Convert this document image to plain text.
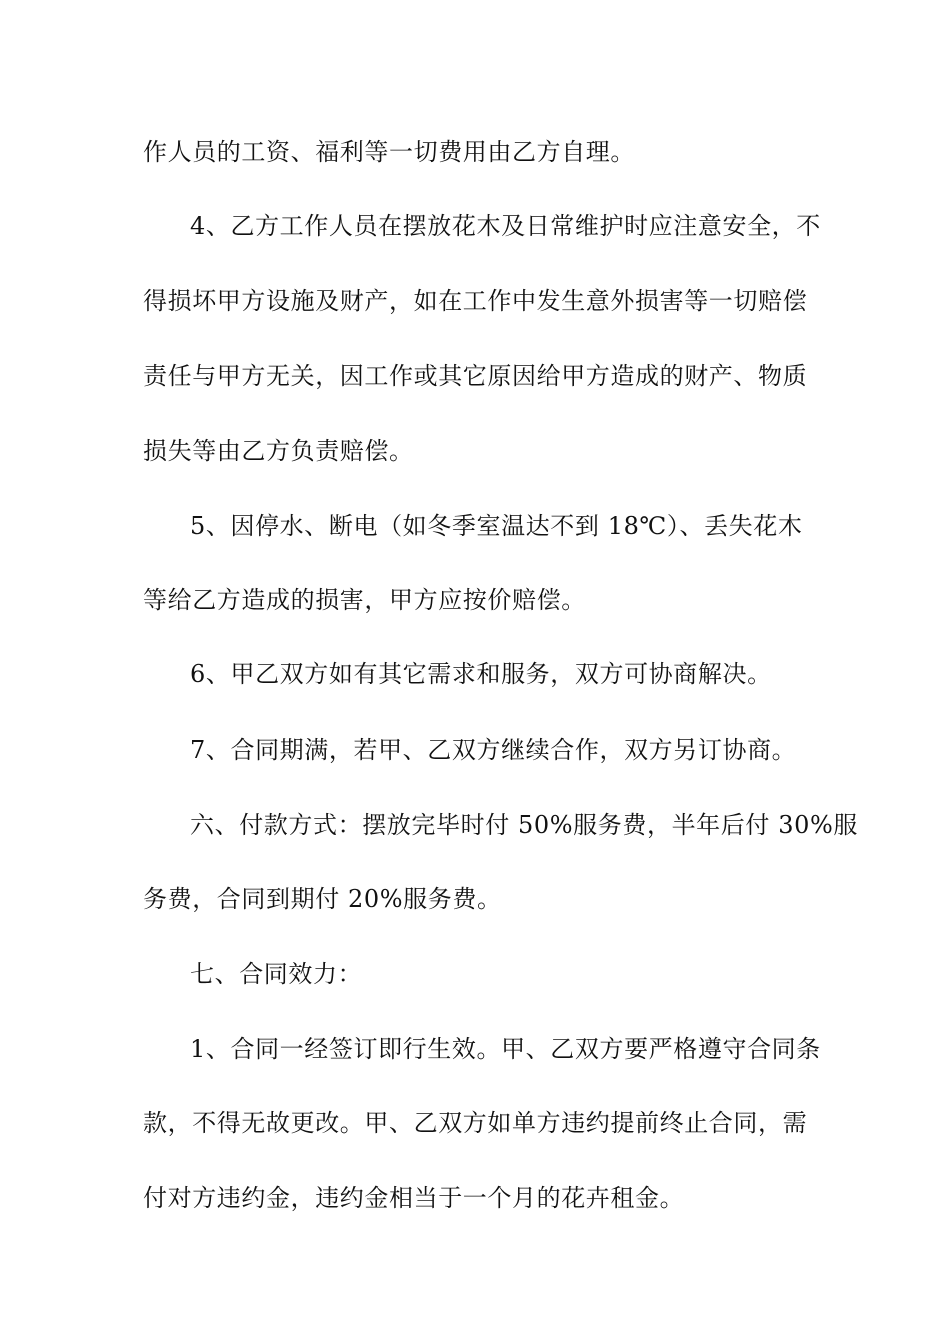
作人员的工资、福利等一切费用由乙方自理。
4、乙方工作人员在摆放花木及日常维护时应注意安全，不
得损坏甲方设施及财产，如在工作中发生意外损害等一切赔偿
责任与甲方无关，因工作或其它原因给甲方造成的财产、物质
损失等由乙方负责赔偿。
5、因停水、断电（如冬季室温达不到 18℃）、丢失花木
等给乙方造成的损害，甲方应按价赔偿。
6、甲乙双方如有其它需求和服务，双方可协商解决。
7、合同期满，若甲、乙双方继续合作，双方另订协商。
六、付款方式：摆放完毕时付 50%服务费，半年后付 30%服
务费，合同到期付 20%服务费。
七、合同效力：
1、合同一经签订即行生效。甲、乙双方要严格遵守合同条
款，不得无故更改。甲、乙双方如单方违约提前终止合同，需
付对方违约金，违约金相当于一个月的花卉租金。
